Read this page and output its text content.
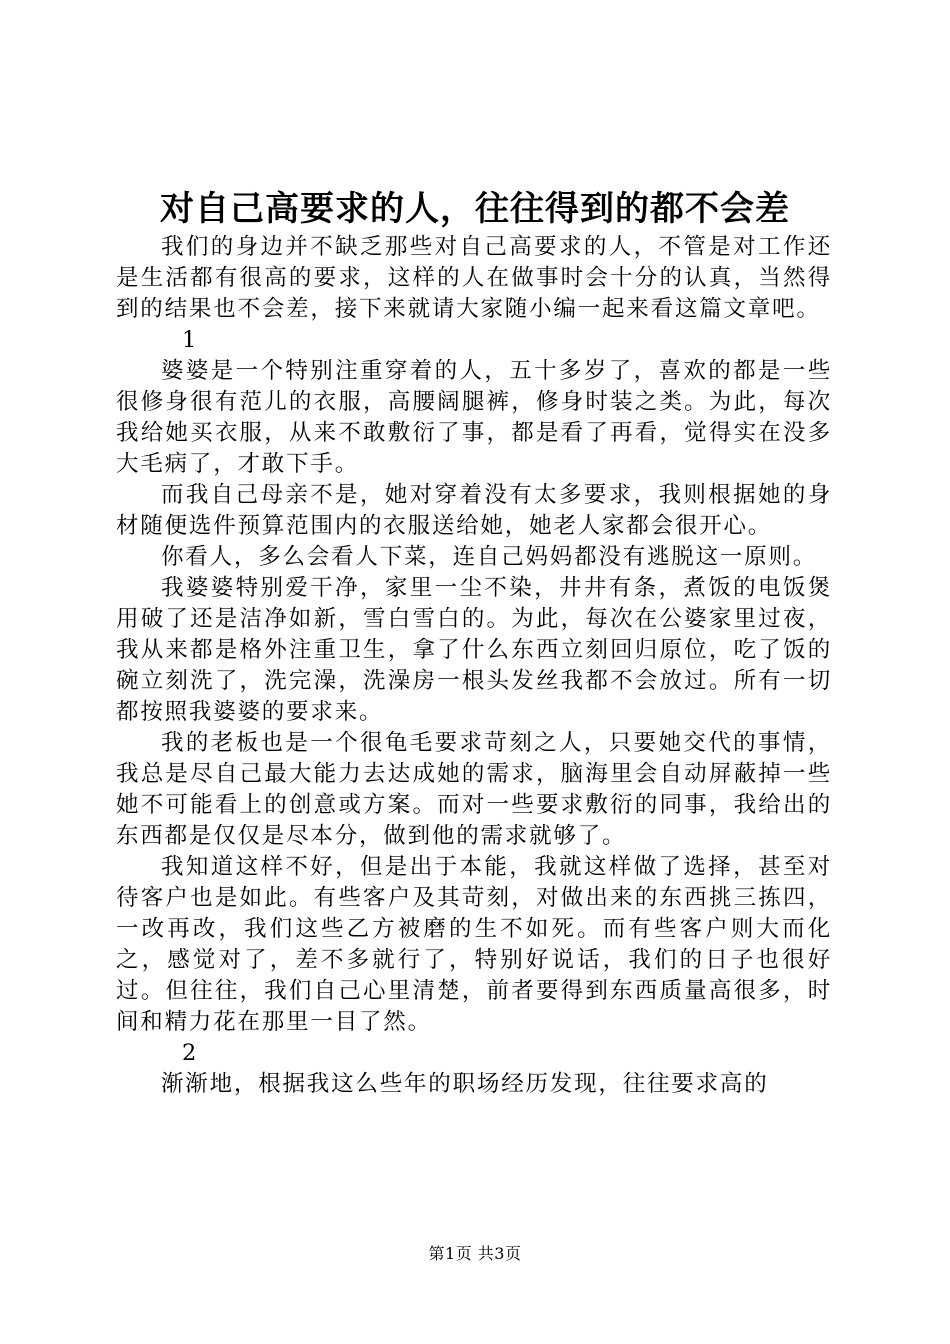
对自己高要求的人，往往得到的都不会差

我们的身边并不缺乏那些对自己高要求的人，不管是对工作还是生活都有很高的要求，这样的人在做事时会十分的认真，当然得到的结果也不会差，接下来就请大家随小编一起来看这篇文章吧。

1

婆婆是一个特别注重穿着的人，五十多岁了，喜欢的都是一些很修身很有范儿的衣服，高腰阔腿裤，修身时装之类。为此，每次我给她买衣服，从来不敢敷衍了事，都是看了再看，觉得实在没多大毛病了，才敢下手。

而我自己母亲不是，她对穿着没有太多要求，我则根据她的身材随便选件预算范围内的衣服送给她，她老人家都会很开心。

你看人，多么会看人下菜，连自己妈妈都没有逃脱这一原则。

我婆婆特别爱干净，家里一尘不染，井井有条，煮饭的电饭煲用破了还是洁净如新，雪白雪白的。为此，每次在公婆家里过夜，我从来都是格外注重卫生，拿了什么东西立刻回归原位，吃了饭的碗立刻洗了，洗完澡，洗澡房一根头发丝我都不会放过。所有一切都按照我婆婆的要求来。

我的老板也是一个很龟毛要求苛刻之人，只要她交代的事情，我总是尽自己最大能力去达成她的需求，脑海里会自动屏蔽掉一些她不可能看上的创意或方案。而对一些要求敷衍的同事，我给出的东西都是仅仅是尽本分，做到他的需求就够了。

我知道这样不好，但是出于本能，我就这样做了选择，甚至对待客户也是如此。有些客户及其苛刻，对做出来的东西挑三拣四，一改再改，我们这些乙方被磨的生不如死。而有些客户则大而化之，感觉对了，差不多就行了，特别好说话，我们的日子也很好过。但往往，我们自己心里清楚，前者要得到东西质量高很多，时间和精力花在那里一目了然。

2

渐渐地，根据我这么些年的职场经历发现，往往要求高的

第1页 共3页
